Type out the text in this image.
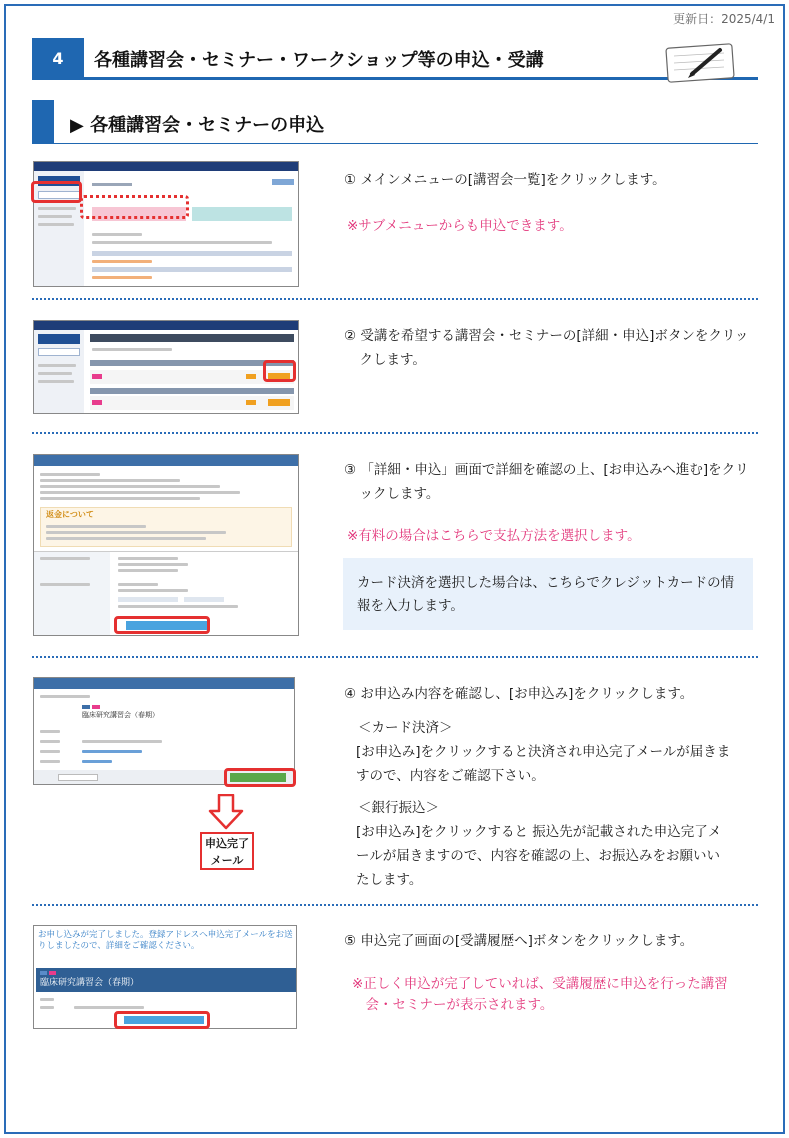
更新日：2025/4/1
4	各種講習会・セミナー・ワークショップ等の申込・受講
▶ 各種講習会・セミナーの申込
① メインメニューの[講習会一覧]をクリックします。
※サブメニューからも申込できます。
② 受講を希望する講習会・セミナーの[詳細・申込]ボタンをクリックします。
返金について
③ 「詳細・申込」画面で詳細を確認の上、[お申込みへ進む]をクリックします。
※有料の場合はこちらで支払方法を選択します。
カード決済を選択した場合は、こちらでクレジットカードの情報を入力します。
臨床研究講習会（春期）
申込完了メール
④ お申込み内容を確認し、[お申込み]をクリックします。
＜カード決済＞
[お申込み]をクリックすると決済され申込完了メールが届きますので、内容をご確認下さい。
＜銀行振込＞
[お申込み]をクリックすると 振込先が記載された申込完了メールが届きますので、内容を確認の上、お振込みをお願いいたします。
お申し込みが完了しました。登録アドレスへ申込完了メールをお送りしましたので、詳細をご確認ください。
臨床研究講習会（春期）
⑤ 申込完了画面の[受講履歴へ]ボタンをクリックします。
※正しく申込が完了していれば、受講履歴に申込を行った講習会・セミナーが表示されます。
